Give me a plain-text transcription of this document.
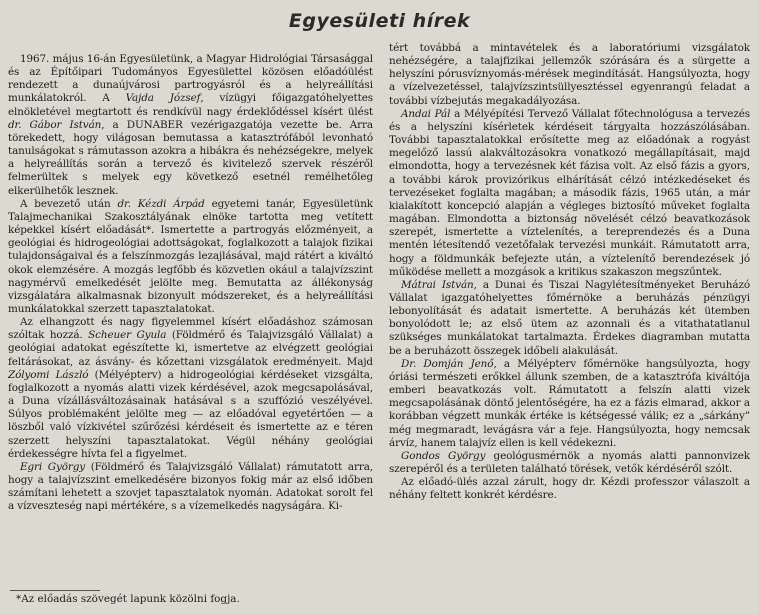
Egyesületi hírek

1967. május 16-án Egyesületünk, a Magyar Hidrológiai Társasággal és az Építőipari Tudományos Egyesülettel közösen előadóülést rendezett a dunaújvárosi partrogyásról és a helyreállítási munkálatokról. A Vajda József, vízügyi főigazgatóhelyettes elnökletével megtartott és rendkívül nagy érdeklődéssel kísért ülést dr. Gábor István, a DUNABER vezérigazgatója vezette be. Arra törekedett, hogy világosan bemutassa a katasztrófából levonható tanulságokat s rámutasson azokra a hibákra és nehézségekre, melyek a helyreállítás során a tervező és kivitelező szervek részéről felmerültek s melyek egy következő esetnél remélhetőleg elkerülhetők lesznek.

A bevezető után dr. Kézdi Árpád egyetemi tanár, Egyesületünk Talajmechanikai Szakosztályának elnöke tartotta meg vetített képekkel kísért előadását*. Ismertette a partrogyás előzményeit, a geológiai és hidrogeológiai adottságokat, foglalkozott a talajok fizikai tulajdonságaival és a felszínmozgás lezajlásával, majd rátért a kiváltó okok elemzésére. A mozgás legfőbb és közvetlen okául a talajvízszint nagymérvű emelkedését jelölte meg. Bemutatta az állékonyság vizsgálatára alkalmasnak bizonyult módszereket, és a helyreállítási munkálatokkal szerzett tapasztalatokat.

Az elhangzott és nagy figyelemmel kísért előadáshoz számosan szóltak hozzá. Scheuer Gyula (Földmérő és Talajvizsgáló Vállalat) a geológiai adatokat egészítette ki, ismertetve az elvégzett geológiai feltárásokat, az ásvány- és kőzettani vizsgálatok eredményeit. Majd Zólyomi László (Mélyépterv) a hidrogeológiai kérdéseket vizsgálta, foglalkozott a nyomás alatti vizek kérdésével, azok megcsapolásával, a Duna vízállásváltozásainak hatásával s a szuffózió veszélyével. Súlyos problémaként jelölte meg — az előadóval egyetértően — a löszből való vízkivétel szűrőzési kérdéseit és ismertette az e téren szerzett helyszíni tapasztalatokat. Végül néhány geológiai érdekességre hívta fel a figyelmet.

Egri György (Földmérő és Talajvizsgáló Vállalat) rámutatott arra, hogy a talajvízszint emelkedésére bizonyos fokig már az első időben számítani lehetett a szovjet tapasztalatok nyomán. Adatokat sorolt fel a vízveszteség napi mértékére, s a vízemelkedés nagyságára. Ki-

tért továbbá a mintavételek és a laboratóriumi vizsgálatok nehézségére, a talajfizikai jellemzők szórására és a sürgette a helyszíni pórusvíznyomás-mérések megindítását. Hangsúlyozta, hogy a vízelvezetéssel, talajvízszintsüllyesztéssel egyenrangú feladat a további vízbejutás megakadályozása.

Andai Pál a Mélyépítési Tervező Vállalat főtechnológusa a tervezés és a helyszíni kísérletek kérdéseit tárgyalta hozzászólásában. További tapasztalatokkal erősítette meg az előadónak a rogyást megelőző lassú alakváltozásokra vonatkozó megállapításait, majd elmondotta, hogy a tervezésnek két fázisa volt. Az első fázis a gyors, a további károk provizórikus elhárítását célzó intézkedéseket és tervezéseket foglalta magában; a második fázis, 1965 után, a már kialakított koncepció alapján a végleges biztosító műveket foglalta magában. Elmondotta a biztonság növelését célzó beavatkozások szerepét, ismertette a víztelenítés, a tereprendezés és a Duna mentén létesítendő vezetőfalak tervezési munkáit. Rámutatott arra, hogy a földmunkák befejezte után, a víztelenítő berendezések jó működése mellett a mozgások a kritikus szakaszon megszűntek.

Mátrai István, a Dunai és Tiszai Nagylétesítményeket Beruházó Vállalat igazgatóhelyettes főmérnöke a beruházás pénzügyi lebonyolítását és adatait ismertette. A beruházás két ütemben bonyolódott le; az első ütem az azonnali és a vitathatatlanul szükséges munkálatokat tartalmazta. Érdekes diagramban mutatta be a beruházott összegek időbeli alakulását.

Dr. Domján Jenő, a Mélyépterv főmérnöke hangsúlyozta, hogy óriási természeti erőkkel állunk szemben, de a katasztrófa kiváltója emberi beavatkozás volt. Rámutatott a felszín alatti vizek megcsapolásának döntő jelentőségére, ha ez a fázis elmarad, akkor a korábban végzett munkák értéke is kétségessé válik; ez a „sárkány” még megmaradt, levágásra vár a feje. Hangsúlyozta, hogy nemcsak árvíz, hanem talajvíz ellen is kell védekezni.

Gondos György geológusmérnök a nyomás alatti pannonvizek szerepéről és a területen található törések, vetők kérdéséről szólt.

Az előadó-ülés azzal zárult, hogy dr. Kézdi professzor válaszolt a néhány feltett konkrét kérdésre.

*Az előadás szövegét lapunk közölni fogja.
